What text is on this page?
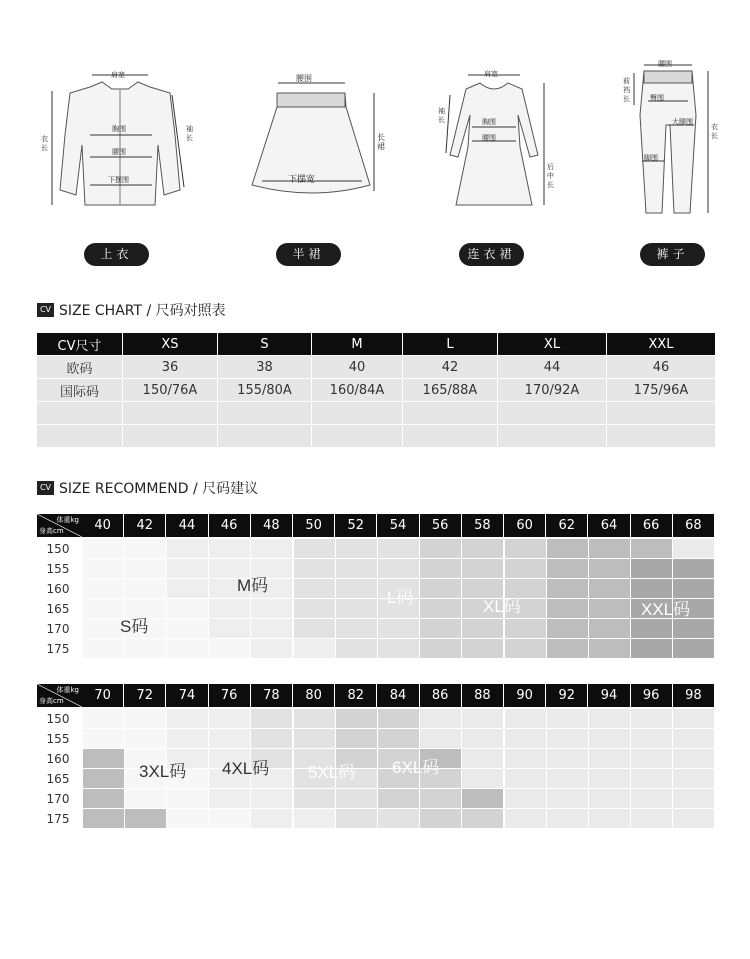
肩宽
胸围
腰围
下摆围
衣长
袖长
腰围
下摆宽
长裙
肩宽
胸围
腰围
袖长
后中长
腰围
前裆长	臀围
大腿围
脚围
衣长
上衣	半裙	连衣裙	裤子
CV SIZE CHART / 尺码对照表
CV尺寸	XS	S	M	L	XL	XXL
欧码	36	38	40	42	44	46
国际码	150/76A	155/80A	160/84A	165/88A	170/92A	175/96A

CV SIZE RECOMMEND / 尺码建议
体重kg
身高cm	40	42	44	46	48	50	52	54	56	58	60	62	64	66	68
150
155
160
165
170
175
S码
M码
L码	XL码	XXL码
体重kg
身高cm	70	72	74	76	78	80	82	84	86	88	90	92	94	96	98
150
155
160
165
170
175
3XL码 4XL码 5XL码 6XL码
